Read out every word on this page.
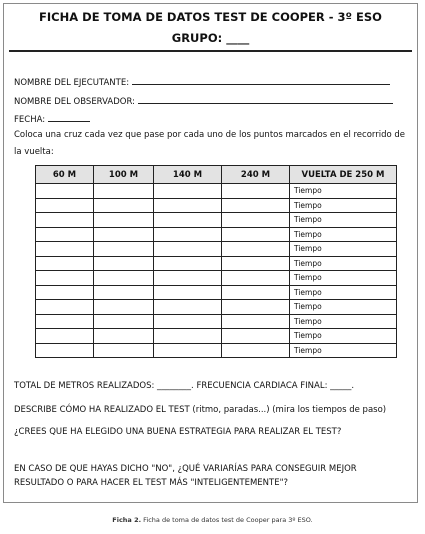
FICHA DE TOMA DE DATOS TEST DE COOPER - 3º ESO
GRUPO: ____
NOMBRE DEL EJECUTANTE:
NOMBRE DEL OBSERVADOR:
FECHA:
Coloca una cruz cada vez que pase por cada uno de los puntos marcados en el recorrido de
la vuelta:
60 M	100 M	140 M	240 M	VUELTA DE 250 M
				Tiempo
				Tiempo
				Tiempo
				Tiempo
				Tiempo
				Tiempo
				Tiempo
				Tiempo
				Tiempo
				Tiempo
				Tiempo
				Tiempo
TOTAL DE METROS REALIZADOS: ________. FRECUENCIA CARDIACA FINAL: _____.
DESCRIBE CÓMO HA REALIZADO EL TEST (ritmo, paradas...) (mira los tiempos de paso)
¿CREES QUE HA ELEGIDO UNA BUENA ESTRATEGIA PARA REALIZAR EL TEST?
EN CASO DE QUE HAYAS DICHO "NO", ¿QUÉ VARIARÍAS PARA CONSEGUIR MEJOR
RESULTADO O PARA HACER EL TEST MÁS "INTELIGENTEMENTE"?
Ficha 2. Ficha de toma de datos test de Cooper para 3º ESO.
